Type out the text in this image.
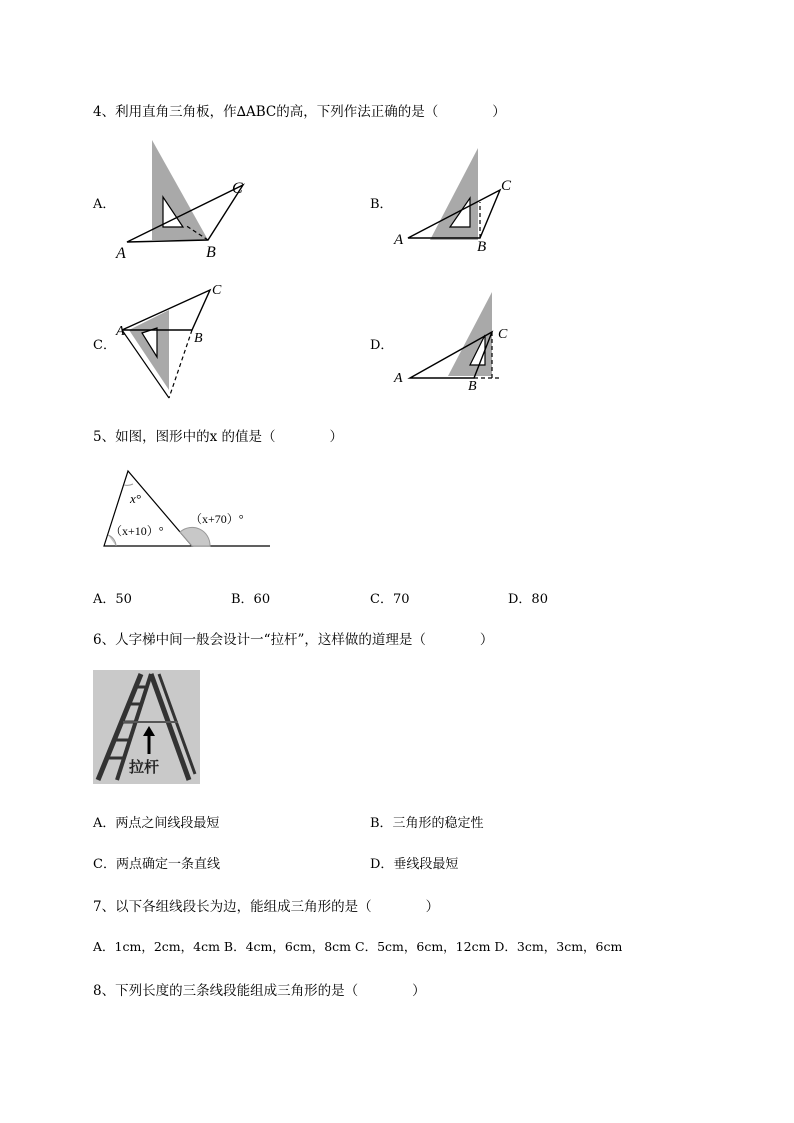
4、利用直角三角板，作∆ABC的高，下列作法正确的是（　　　　）
A．
A	B
C
B．
A	B
C
C．
A	B
C
D．
A
B
C
5、如图，图形中的x 的值是（　　　　）
x°
（x+10）°
（x+70）°
A．50	B．60	C．70	D．80
6、人字梯中间一般会设计一“拉杆”，这样做的道理是（　　　　）
拉杆
A．两点之间线段最短	B．三角形的稳定性
C．两点确定一条直线	D．垂线段最短
7、以下各组线段长为边，能组成三角形的是（　　　　）
A．1cm，2cm，4cm B．4cm，6cm，8cm C．5cm，6cm，12cm D．3cm，3cm，6cm
8、下列长度的三条线段能组成三角形的是（　　　　）
